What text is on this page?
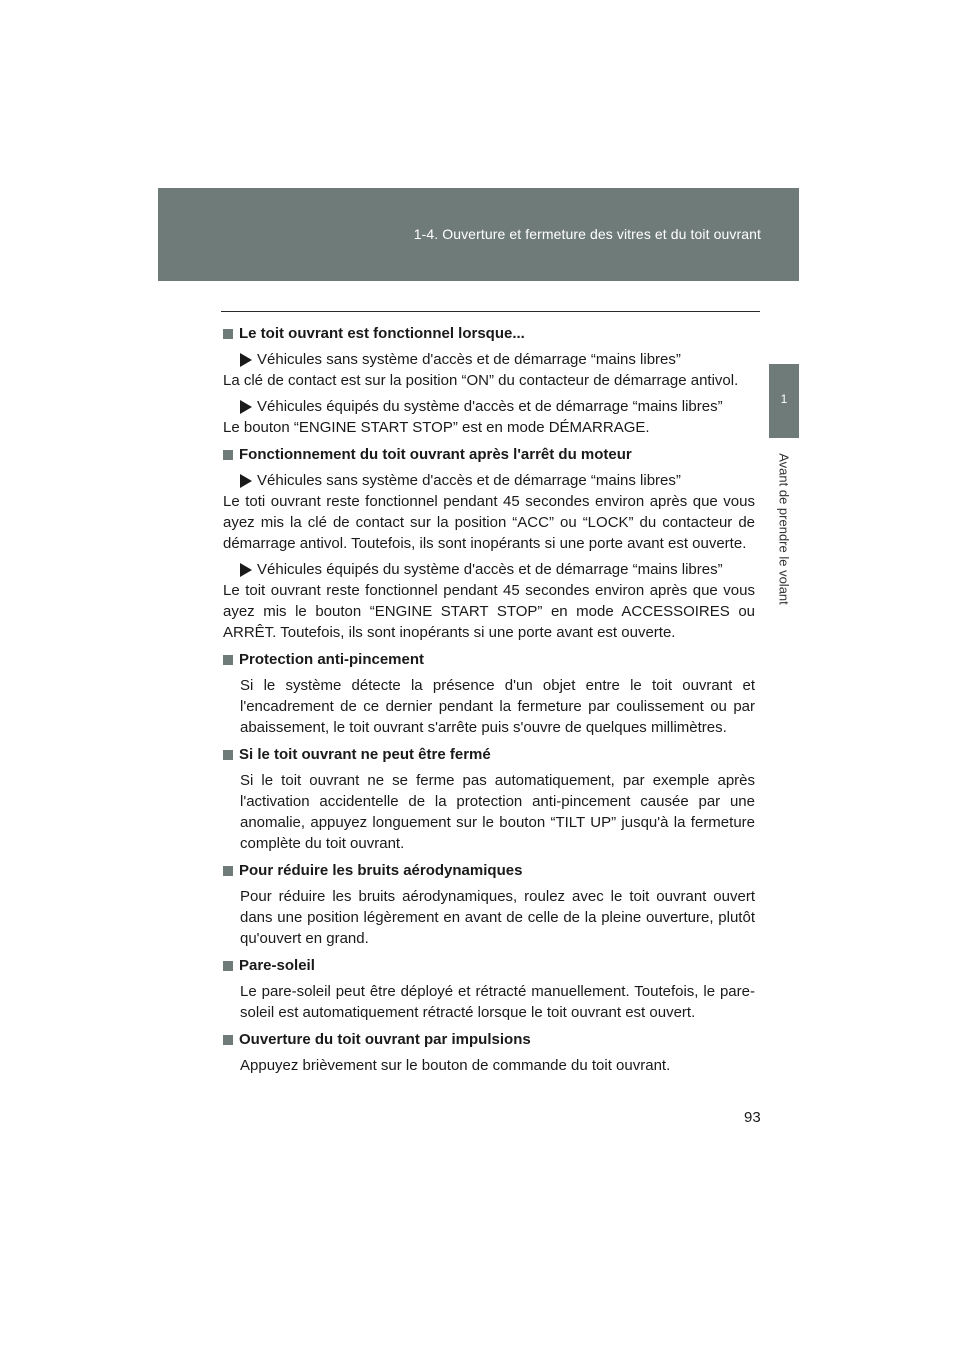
1-4. Ouverture et fermeture des vitres et du toit ouvrant
1
Avant de prendre le volant
Le toit ouvrant est fonctionnel lorsque...
Véhicules sans système d'accès et de démarrage “mains libres”
La clé de contact est sur la position “ON” du contacteur de démarrage antivol.
Véhicules équipés du système d'accès et de démarrage “mains libres”
Le bouton “ENGINE START STOP” est en mode DÉMARRAGE.
Fonctionnement du toit ouvrant après l'arrêt du moteur
Véhicules sans système d'accès et de démarrage “mains libres”
Le toti ouvrant reste fonctionnel pendant 45 secondes environ après que vous ayez mis la clé de contact sur la position “ACC” ou “LOCK” du contacteur de démarrage antivol. Toutefois, ils sont inopérants si une porte avant est ouverte.
Véhicules équipés du système d'accès et de démarrage “mains libres”
Le toit ouvrant reste fonctionnel pendant 45 secondes environ après que vous ayez mis le bouton “ENGINE START STOP” en mode ACCESSOIRES ou ARRÊT. Toutefois, ils sont inopérants si une porte avant est ouverte.
Protection anti-pincement
Si le système détecte la présence d'un objet entre le toit ouvrant et l'encadrement de ce dernier pendant la fermeture par coulissement ou par abaissement, le toit ouvrant s'arrête puis s'ouvre de quelques millimètres.
Si le toit ouvrant ne peut être fermé
Si le toit ouvrant ne se ferme pas automatiquement, par exemple après l'activation accidentelle de la protection anti-pincement causée par une anomalie, appuyez longuement sur le bouton “TILT UP” jusqu'à la fermeture complète du toit ouvrant.
Pour réduire les bruits aérodynamiques
Pour réduire les bruits aérodynamiques, roulez avec le toit ouvrant ouvert dans une position légèrement en avant de celle de la pleine ouverture, plutôt qu'ouvert en grand.
Pare-soleil
Le pare-soleil peut être déployé et rétracté manuellement. Toutefois, le pare-soleil est automatiquement rétracté lorsque le toit ouvrant est ouvert.
Ouverture du toit ouvrant par impulsions
Appuyez brièvement sur le bouton de commande du toit ouvrant.
93
